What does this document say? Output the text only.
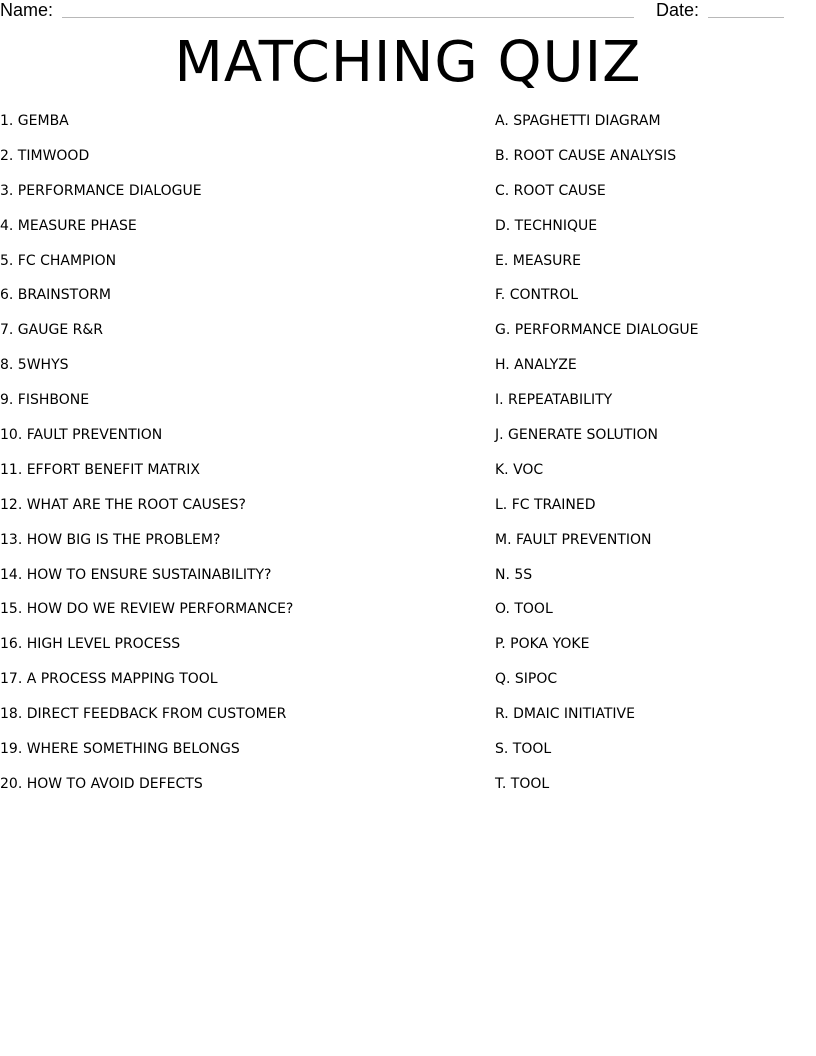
Name:	Date:
MATCHING QUIZ
1. GEMBA
2. TIMWOOD
3. PERFORMANCE DIALOGUE
4. MEASURE PHASE
5. FC CHAMPION
6. BRAINSTORM
7. GAUGE R&R
8. 5WHYS
9. FISHBONE
10. FAULT PREVENTION
11. EFFORT BENEFIT MATRIX
12. WHAT ARE THE ROOT CAUSES?
13. HOW BIG IS THE PROBLEM?
14. HOW TO ENSURE SUSTAINABILITY?
15. HOW DO WE REVIEW PERFORMANCE?
16. HIGH LEVEL PROCESS
17. A PROCESS MAPPING TOOL
18. DIRECT FEEDBACK FROM CUSTOMER
19. WHERE SOMETHING BELONGS
20. HOW TO AVOID DEFECTS
A. SPAGHETTI DIAGRAM
B. ROOT CAUSE ANALYSIS
C. ROOT CAUSE
D. TECHNIQUE
E. MEASURE
F. CONTROL
G. PERFORMANCE DIALOGUE
H. ANALYZE
I. REPEATABILITY
J. GENERATE SOLUTION
K. VOC
L. FC TRAINED
M. FAULT PREVENTION
N. 5S
O. TOOL
P. POKA YOKE
Q. SIPOC
R. DMAIC INITIATIVE
S. TOOL
T. TOOL
